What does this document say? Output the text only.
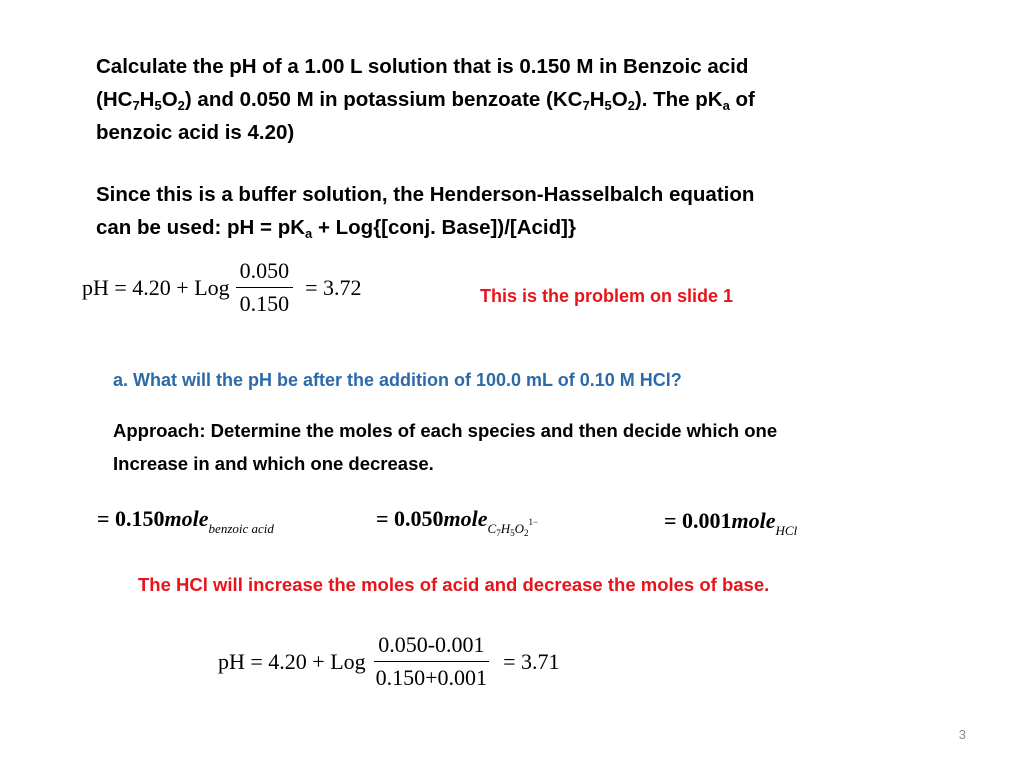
Calculate the pH of a 1.00 L solution that is 0.150 M in Benzoic acid
$(HC_7H_5O_2)$ and 0.050 M in potassium benzoate $(KC_7H_5O_2)$. The $pK_a$ of
benzoic acid is 4.20)
Since this is a buffer solution, the Henderson-Hasselbalch equation
can be used: pH = $pK_a$ + Log{[conj. Base])/[Acid]}
pH = 4.20 + Log $\frac{0.050}{0.150} = 3.72$	This is the problem on slide 1
a. What will the pH be after the addition of 100.0 mL of 0.10 M HCl?
Approach: Determine the moles of each species and then decide which one
Increase in and which one decrease.
= 0.150mole$_{benzoic acid}$	= 0.050mole$_{C_7H_5O_2^{1-}}$	= 0.001mole$_{HCl}$
The HCl will increase the moles of acid and decrease the moles of base.
pH = 4.20 + Log $\frac{0.050-0.001}{0.150+0.001} = 3.71$
3
